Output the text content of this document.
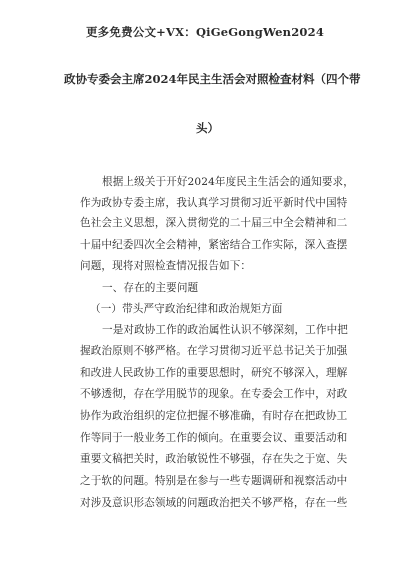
更多免费公文+VX：QiGeGongWen2024
政协专委会主席2024年民主生活会对照检查材料（四个带
头）
根据上级关于开好2024年度民主生活会的通知要求，
作为政协专委主席，我认真学习贯彻习近平新时代中国特
色社会主义思想，深入贯彻党的二十届三中全会精神和二
十届中纪委四次全会精神，紧密结合工作实际，深入查摆
问题，现将对照检查情况报告如下：
一、存在的主要问题
（一）带头严守政治纪律和政治规矩方面
一是对政协工作的政治属性认识不够深刻，工作中把
握政治原则不够严格。在学习贯彻习近平总书记关于加强
和改进人民政协工作的重要思想时，研究不够深入，理解
不够透彻，存在学用脱节的现象。在专委会工作中，对政
协作为政治组织的定位把握不够准确，有时存在把政协工
作等同于一般业务工作的倾向。在重要会议、重要活动和
重要文稿把关时，政治敏锐性不够强，存在失之于宽、失
之于软的问题。特别是在参与一些专题调研和视察活动中
对涉及意识形态领域的问题政治把关不够严格，存在一些
